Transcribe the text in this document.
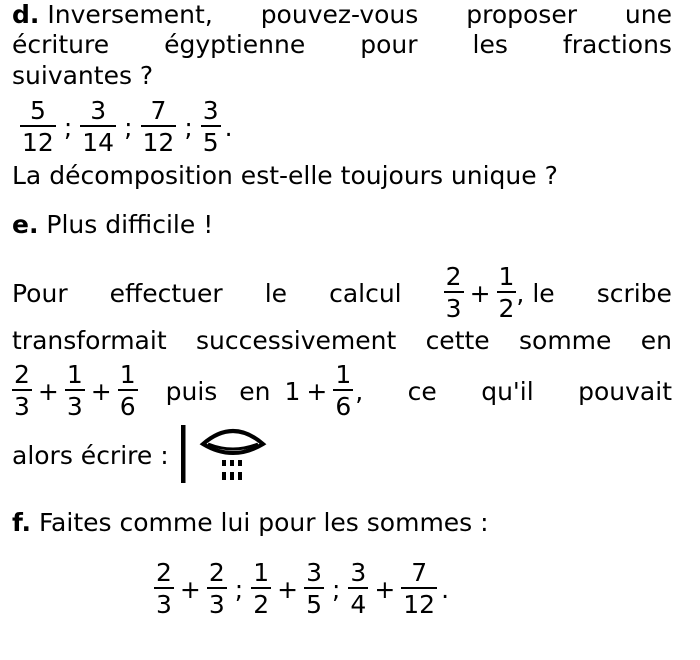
d. Inversement, pouvez-vous proposer une
écriture égyptienne pour les fractions
suivantes ?
$\frac{5}{12}$ ; $\frac{3}{14}$ ; $\frac{7}{12}$ ; $\frac{3}{5}$ .
La décomposition est-elle toujours unique ?
e. Plus difficile !
Pour effectuer le calcul $\frac{2}{3} + \frac{1}{2}$ , le scribe
transformait successivement cette somme en
$\frac{2}{3} + \frac{1}{3} + \frac{1}{6}$	puis en $1 + \frac{1}{6}$ , ce qu'il pouvait
alors écrire :
f. Faites comme lui pour les sommes :
$\frac{2}{3} + \frac{2}{3}$ ; $\frac{1}{2} + \frac{3}{5}$ ; $\frac{3}{4} + \frac{7}{12}$ .
